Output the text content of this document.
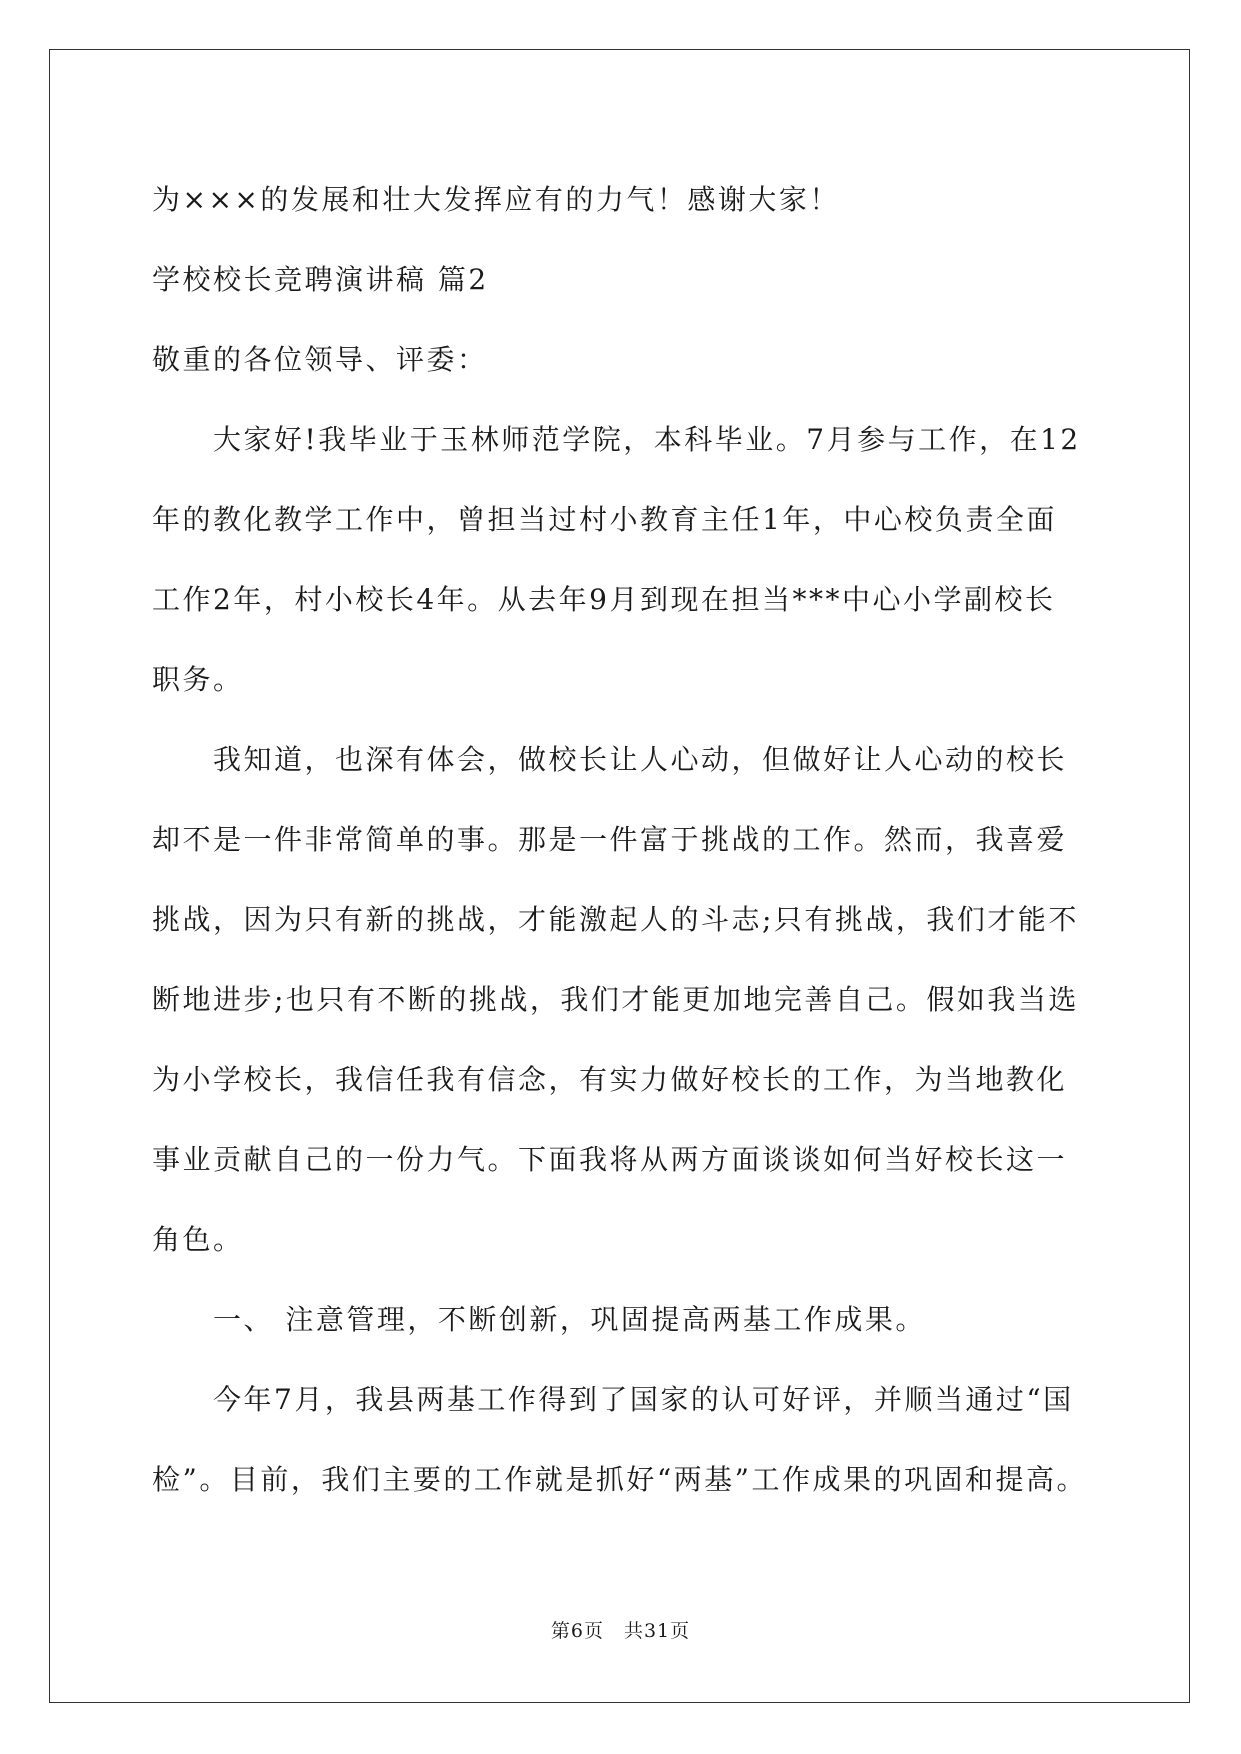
为×××的发展和壮大发挥应有的力气！感谢大家！
学校校长竞聘演讲稿 篇2
敬重的各位领导、评委：
　　大家好!我毕业于玉林师范学院，本科毕业。7月参与工作，在12
年的教化教学工作中，曾担当过村小教育主任1年，中心校负责全面
工作2年，村小校长4年。从去年9月到现在担当***中心小学副校长
职务。
　　我知道，也深有体会，做校长让人心动，但做好让人心动的校长
却不是一件非常简单的事。那是一件富于挑战的工作。然而，我喜爱
挑战，因为只有新的挑战，才能激起人的斗志;只有挑战，我们才能不
断地进步;也只有不断的挑战，我们才能更加地完善自己。假如我当选
为小学校长，我信任我有信念，有实力做好校长的工作，为当地教化
事业贡献自己的一份力气。下面我将从两方面谈谈如何当好校长这一
角色。
　　一、 注意管理，不断创新，巩固提高两基工作成果。
　　今年7月，我县两基工作得到了国家的认可好评，并顺当通过“国
检”。目前，我们主要的工作就是抓好“两基”工作成果的巩固和提高。
第6页　共31页
